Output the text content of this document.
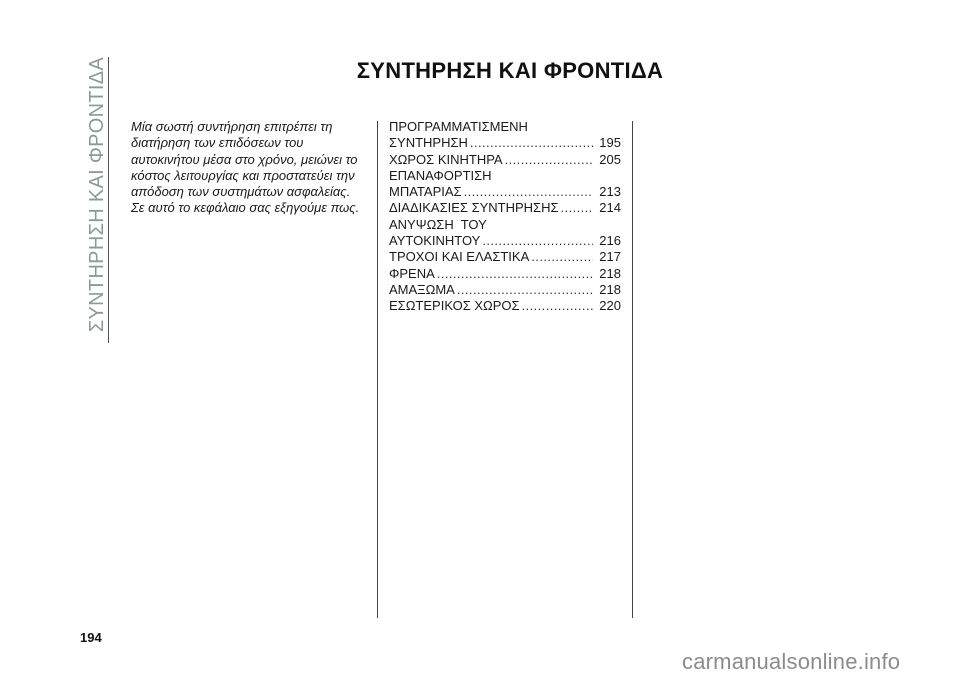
ΣΥΝΤΗΡΗΣΗ ΚΑΙ ΦΡΟΝΤΙΔΑ	ΣΥΝΤΗΡΗΣΗ ΚΑΙ ΦΡΟΝΤΙΔΑ

Μία σωστή συντήρηση επιτρέπει τη διατήρηση των επιδόσεων του αυτοκινήτου μέσα στο χρόνο, μειώνει το κόστος λειτουργίας και προστατεύει την απόδοση των συστημάτων ασφαλείας.

Σε αυτό το κεφάλαιο σας εξηγούμε πως.

ΠΡΟΓΡΑΜΜΑΤΙΣΜΕΝΗ
ΣΥΝΤΗΡΗΣΗ . . .	195
ΧΩΡΟΣ ΚΙΝΗΤΗΡΑ . . .	205
ΕΠΑΝΑΦΟΡΤΙΣΗ
ΜΠΑΤΑΡΙΑΣ . . .	213
ΔΙΑΔΙΚΑΣΙΕΣ ΣΥΝΤΗΡΗΣΗΣ . . .	214
ΑΝΥΨΩΣΗ  ΤΟΥ
ΑΥΤΟΚΙΝΗΤΟΥ . . .	216
ΤΡΟΧΟΙ ΚΑΙ ΕΛΑΣΤΙΚΑ . . .	217
ΦΡΕΝΑ . . .	218
ΑΜΑΞΩΜΑ . . .	218
ΕΣΩΤΕΡΙΚΟΣ ΧΩΡΟΣ . . .	220
194
carmanualsonline.info
